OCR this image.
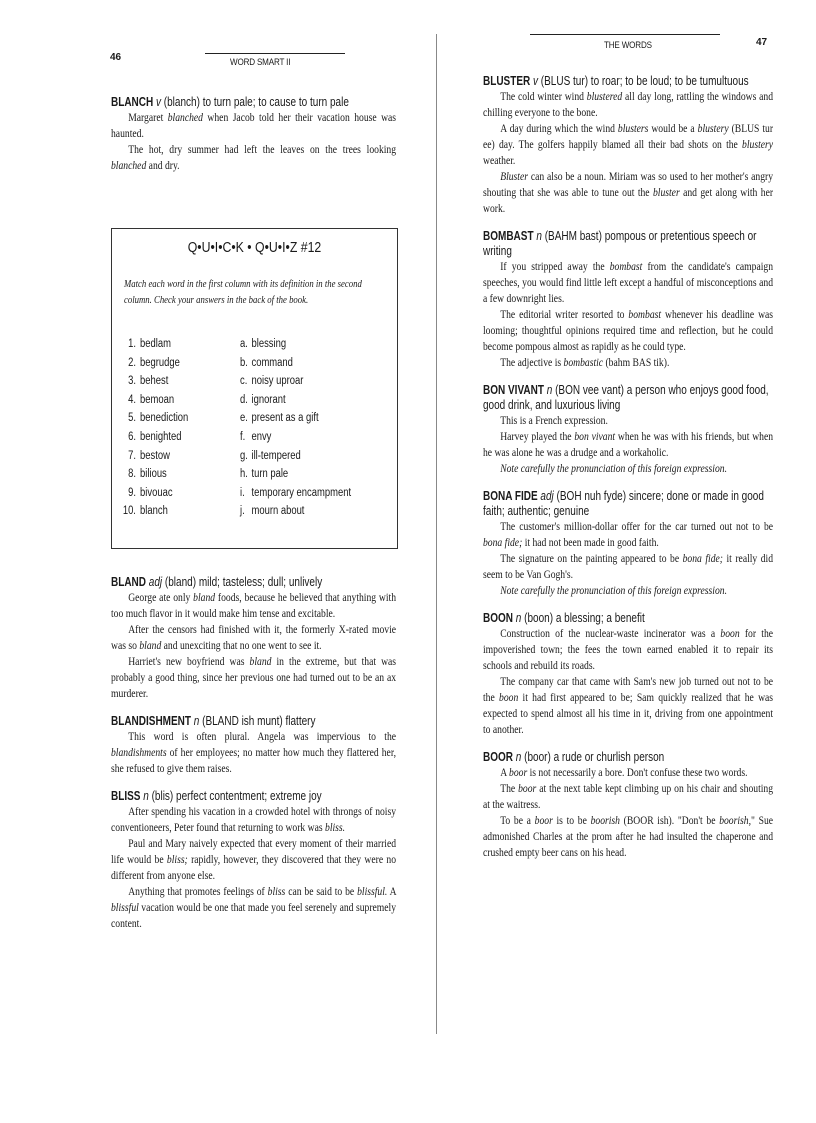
46	WORD SMART II
BLANCH v (blanch) to turn pale; to cause to turn pale

Margaret blanched when Jacob told her their vacation house was haunted.

The hot, dry summer had left the leaves on the trees looking blanched and dry.

Q•U•I•C•K • Q•U•I•Z #12
Match each word in the first column with its definition in the second column. Check your answers in the back of the book.
1. bedlam	a. blessing
2. begrudge	b. command
3. behest	c. noisy uproar
4. bemoan	d. ignorant
5. benediction	e. present as a gift
6. benighted	f. envy
7. bestow	g. ill-tempered
8. bilious	h. turn pale
9. bivouac	i. temporary encampment
10. blanch	j. mourn about
BLAND adj (bland) mild; tasteless; dull; unlively

George ate only bland foods, because he believed that anything with too much flavor in it would make him tense and excitable.

After the censors had finished with it, the formerly X-rated movie was so bland and unexciting that no one went to see it.

Harriet's new boyfriend was bland in the extreme, but that was probably a good thing, since her previous one had turned out to be an ax murderer.

BLANDISHMENT n (BLAND ish munt) flattery

This word is often plural. Angela was impervious to the blandishments of her employees; no matter how much they flattered her, she refused to give them raises.

BLISS n (blis) perfect contentment; extreme joy

After spending his vacation in a crowded hotel with throngs of noisy conventioneers, Peter found that returning to work was bliss.

Paul and Mary naively expected that every moment of their married life would be bliss; rapidly, however, they discovered that they were no different from anyone else.

Anything that promotes feelings of bliss can be said to be blissful. A blissful vacation would be one that made you feel serenely and supremely content.

THE WORDS	47
BLUSTER v (BLUS tur) to roar; to be loud; to be tumultuous

The cold winter wind blustered all day long, rattling the windows and chilling everyone to the bone.

A day during which the wind blusters would be a blustery (BLUS tur ee) day. The golfers happily blamed all their bad shots on the blustery weather.

Bluster can also be a noun. Miriam was so used to her mother's angry shouting that she was able to tune out the bluster and get along with her work.

BOMBAST n (BAHM bast) pompous or pretentious speech or writing

If you stripped away the bombast from the candidate's campaign speeches, you would find little left except a handful of misconceptions and a few downright lies.

The editorial writer resorted to bombast whenever his deadline was looming; thoughtful opinions required time and reflection, but he could become pompous almost as rapidly as he could type.

The adjective is bombastic (bahm BAS tik).

BON VIVANT n (BON vee vant) a person who enjoys good food, good drink, and luxurious living

This is a French expression.

Harvey played the bon vivant when he was with his friends, but when he was alone he was a drudge and a workaholic.

Note carefully the pronunciation of this foreign expression.

BONA FIDE adj (BOH nuh fyde) sincere; done or made in good faith; authentic; genuine

The customer's million-dollar offer for the car turned out not to be bona fide; it had not been made in good faith.

The signature on the painting appeared to be bona fide; it really did seem to be Van Gogh's.

Note carefully the pronunciation of this foreign expression.

BOON n (boon) a blessing; a benefit

Construction of the nuclear-waste incinerator was a boon for the impoverished town; the fees the town earned enabled it to repair its schools and rebuild its roads.

The company car that came with Sam's new job turned out not to be the boon it had first appeared to be; Sam quickly realized that he was expected to spend almost all his time in it, driving from one appointment to another.

BOOR n (boor) a rude or churlish person

A boor is not necessarily a bore. Don't confuse these two words.

The boor at the next table kept climbing up on his chair and shouting at the waitress.

To be a boor is to be boorish (BOOR ish). "Don't be boorish," Sue admonished Charles at the prom after he had insulted the chaperone and crushed empty beer cans on his head.
